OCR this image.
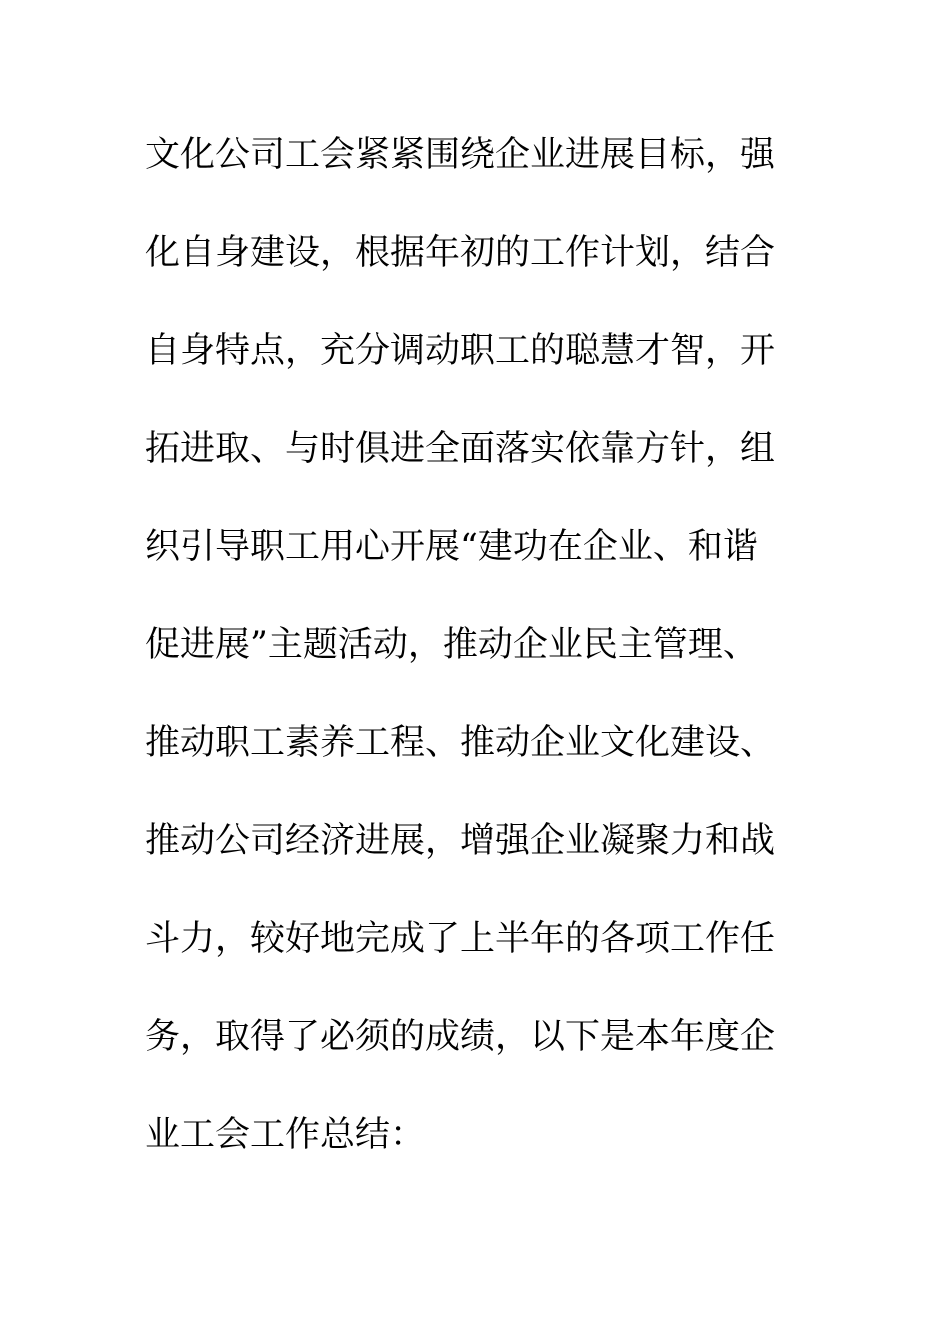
文化公司工会紧紧围绕企业进展目标，强
化自身建设，根据年初的工作计划，结合
自身特点，充分调动职工的聪慧才智，开
拓进取、与时俱进全面落实依靠方针，组
织引导职工用心开展“建功在企业、和谐
促进展”主题活动，推动企业民主管理、
推动职工素养工程、推动企业文化建设、
推动公司经济进展，增强企业凝聚力和战
斗力，较好地完成了上半年的各项工作任
务，取得了必须的成绩，以下是本年度企
业工会工作总结：
